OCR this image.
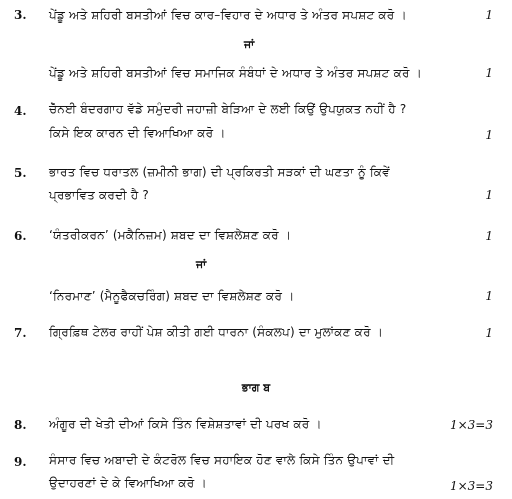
3. ਪੇਂਡੂ ਅਤੇ ਸ਼ਹਿਰੀ ਬਸਤੀਆਂ ਵਿਚ ਕਾਰ–ਵਿਹਾਰ ਦੇ ਅਧਾਰ ਤੇ ਅੰਤਰ ਸਪਸ਼ਟ ਕਰੋ ।	1
ਜਾਂ
ਪੇਂਡੂ ਅਤੇ ਸ਼ਹਿਰੀ ਬਸਤੀਆਂ ਵਿਚ ਸਮਾਜਿਕ ਸੰਬੰਧਾਂ ਦੇ ਅਧਾਰ ਤੇ ਅੰਤਰ ਸਪਸ਼ਟ ਕਰੋ ।	1
4. ਚੇੱਨਈ ਬੰਦਰਗਾਹ ਵੱਡੇ ਸਮੁੰਦਰੀ ਜਹਾਜ਼ੀ ਬੇੜਿਆ ਦੇ ਲਈ ਕਿਉਂ ਉਪਯੁਕਤ ਨਹੀਂ ਹੈ ?
ਕਿਸੇ ਇਕ ਕਾਰਨ ਦੀ ਵਿਆਖਿਆ ਕਰੋ ।	1
5. ਭਾਰਤ ਵਿਚ ਧਰਾਤਲ (ਜ਼ਮੀਨੀ ਭਾਗ) ਦੀ ਪ੍ਰਕਿਰਤੀ ਸੜਕਾਂ ਦੀ ਘਣਤਾ ਨੂੰ ਕਿਵੇਂ
ਪ੍ਰਭਾਵਿਤ ਕਰਦੀ ਹੈ ?	1
6. ‘ਯੰਤਰੀਕਰਨ’ (ਮਕੈਨਿਜ਼ਮ) ਸ਼ਬਦ ਦਾ ਵਿਸ਼ਲੇਸ਼ਣ ਕਰੋ ।	1
ਜਾਂ
‘ਨਿਰਮਾਣ’ (ਮੈਨੂਫੈਕਚਰਿੰਗ) ਸ਼ਬਦ ਦਾ ਵਿਸ਼ਲੇਸ਼ਣ ਕਰੋ ।	1
7. ਗ੍ਰਿਫ਼ਿਥ ਟੇਲਰ ਰਾਹੀਂ ਪੇਸ਼ ਕੀਤੀ ਗਈ ਧਾਰਨਾ (ਸੰਕਲਪ) ਦਾ ਮੁਲਾਂਕਣ ਕਰੋ ।	1
ਭਾਗ ਬ
8. ਅੰਗੂਰ ਦੀ ਖੇਤੀ ਦੀਆਂ ਕਿਸੇ ਤਿੰਨ ਵਿਸ਼ੇਸ਼ਤਾਵਾਂ ਦੀ ਪਰਖ ਕਰੋ ।	1×3=3
9. ਸੰਸਾਰ ਵਿਚ ਅਬਾਦੀ ਦੇ ਕੰਟਰੋਲ ਵਿਚ ਸਹਾਇਕ ਹੋਣ ਵਾਲੇ ਕਿਸੇ ਤਿੰਨ ਉਪਾਵਾਂ ਦੀ
ਉਦਾਹਰਣਾਂ ਦੇ ਕੇ ਵਿਆਖਿਆ ਕਰੋ ।	1×3=3
